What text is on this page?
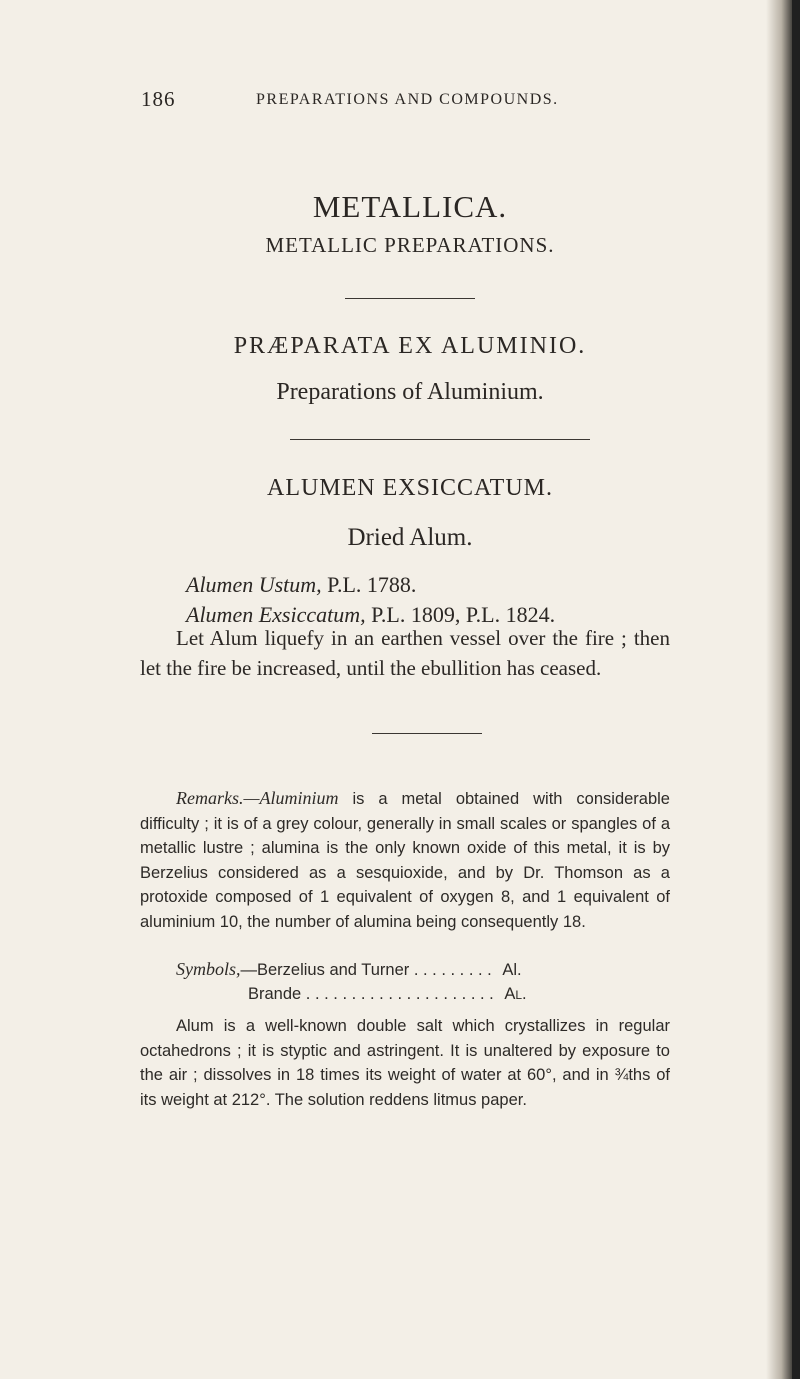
186	PREPARATIONS AND COMPOUNDS.
METALLICA.
METALLIC PREPARATIONS.
PRÆPARATA EX ALUMINIO.
Preparations of Aluminium.
ALUMEN EXSICCATUM.
Dried Alum.
Alumen Ustum, P.L. 1788.
Alumen Exsiccatum, P.L. 1809, P.L. 1824.
Let Alum liquefy in an earthen vessel over the fire ; then let the fire be increased, until the ebullition has ceased.
Remarks.—Aluminium is a metal obtained with considerable difficulty ; it is of a grey colour, generally in small scales or spangles of a metallic lustre ; alumina is the only known oxide of this metal, it is by Berzelius considered as a sesquioxide, and by Dr. Thomson as a protoxide composed of 1 equivalent of oxygen 8, and 1 equivalent of aluminium 10, the number of alumina being consequently 18.
Symbols,—Berzelius and Turner . . . . . . . . . Al.
Brande . . . . . . . . . . . . . . . . . . . . . Al.
Alum is a well-known double salt which crystallizes in regular octahedrons ; it is styptic and astringent. It is unaltered by exposure to the air ; dissolves in 18 times its weight of water at 60°, and in ¾ths of its weight at 212°. The solution reddens litmus paper.
